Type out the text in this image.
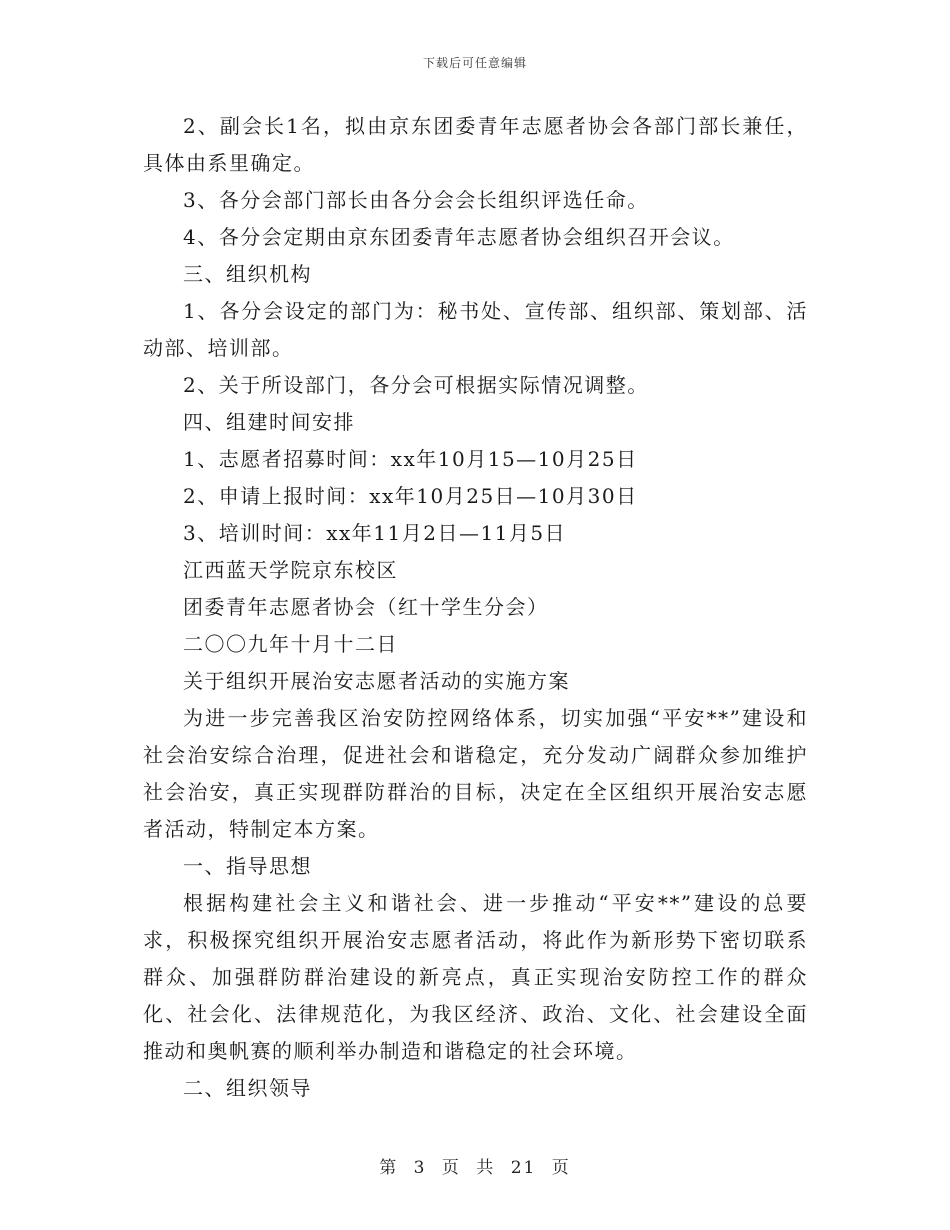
下载后可任意编辑

2、副会长1名，拟由京东团委青年志愿者协会各部门部长兼任，具体由系里确定。

3、各分会部门部长由各分会会长组织评选任命。

4、各分会定期由京东团委青年志愿者协会组织召开会议。

三、组织机构

1、各分会设定的部门为：秘书处、宣传部、组织部、策划部、活动部、培训部。

2、关于所设部门，各分会可根据实际情况调整。

四、组建时间安排

1、志愿者招募时间：xx年10月15—10月25日

2、申请上报时间：xx年10月25日—10月30日

3、培训时间：xx年11月2日—11月5日

江西蓝天学院京东校区

团委青年志愿者协会（红十学生分会）

二〇〇九年十月十二日

关于组织开展治安志愿者活动的实施方案

为进一步完善我区治安防控网络体系，切实加强“平安**”建设和社会治安综合治理，促进社会和谐稳定，充分发动广阔群众参加维护社会治安，真正实现群防群治的目标，决定在全区组织开展治安志愿者活动，特制定本方案。

一、指导思想

根据构建社会主义和谐社会、进一步推动“平安**”建设的总要求，积极探究组织开展治安志愿者活动，将此作为新形势下密切联系群众、加强群防群治建设的新亮点，真正实现治安防控工作的群众化、社会化、法律规范化，为我区经济、政治、文化、社会建设全面推动和奥帆赛的顺利举办制造和谐稳定的社会环境。

二、组织领导

第 3 页 共 21 页
